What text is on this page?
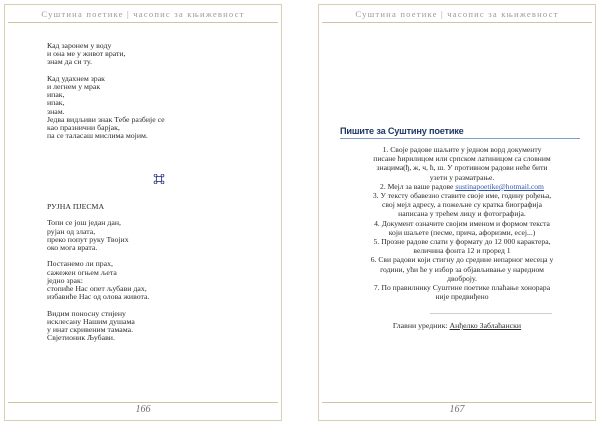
Суштина поетике | часопис за књижевност
Кад заронем у воду
и она ме у живот врати,
знам да си ту.
Кад удахнем зрак
и легнем у мрак
ипак,
ипак,
знам.
Једва видљиви знак Тебе разбије се
као празнични барјак,
па се таласаш мислима мојим.
РУЈНА ПЈЕСМА
Топи се још један дан,
рујан од злата,
преко попут руку Твојих
око мога врата.
Постанемо ли прах,
сажежен огњем љета
једно зрак:
стопиће Нас опет љубави дах,
избавиће Нас од олова живота.
Видим поносну стијену
исклесану Нашим душама
у инат скривеним тамама.
Свјетионик Љубави.
166
Суштина поетике | часопис за књижевност
Пишите за Суштину поетике
1. Своје радове шаљите у једном ворд документу
писане ћирилицом или српском латиницом са словним
знацима(ђ, ж, ч, ћ, ш. У противном радови неће бити
узети у разматрање.
2. Мејл за ваше радове sustinapoetike@hotmail.com
3. У тексту обавезно ставите своје име, годину рођења,
свој мејл адресу, а пожељне су кратка биографија
написана у трећем лицу и фотографија.
4. Документ означите својим именом и формом текста
који шаљете (песме, прича, афоризми, есеј...)
5. Прозне радове слати у формату до 12 000 карактера,
величина фонта 12 и проред 1
6. Сви радови који стигну до средине непарног месеца у
години, ући ће у избор за објављивање у наредном
двоброју.
7. По правилнику Суштине поетике плаћање хонорара
није предвиђено
Главни уредник: Анђелко Заблаћански
167
